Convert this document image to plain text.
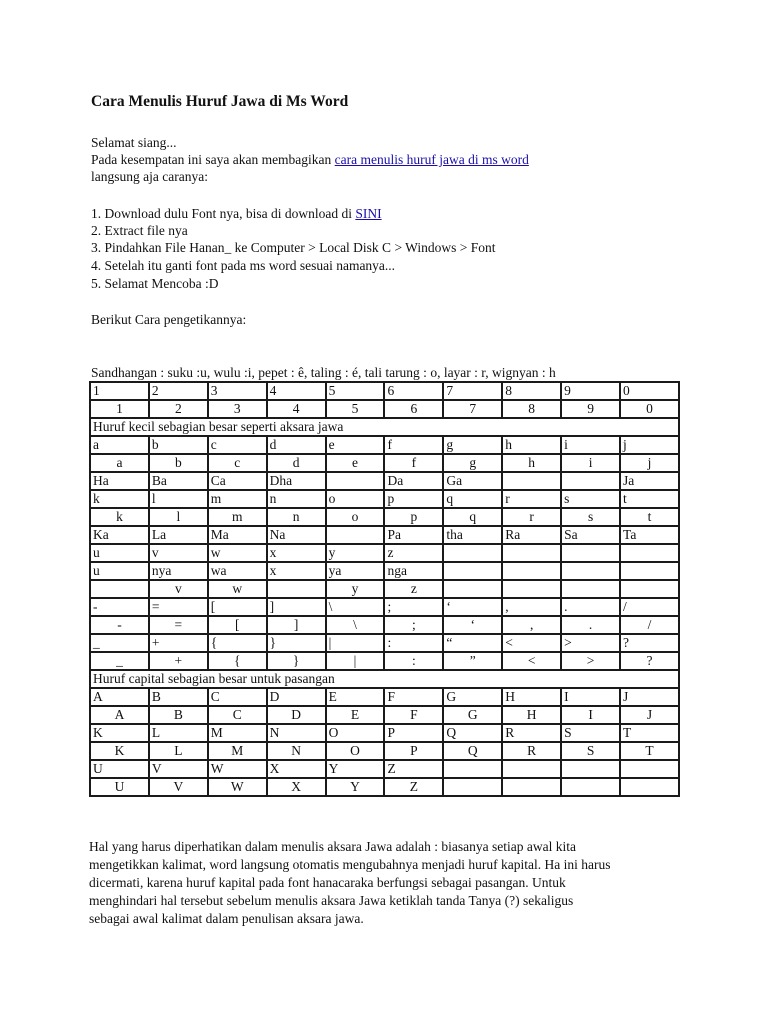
Cara Menulis Huruf Jawa di Ms Word
Selamat siang...
Pada kesempatan ini saya akan membagikan cara menulis huruf jawa di ms word
langsung aja caranya:
1. Download dulu Font nya, bisa di download di SINI
2. Extract file nya
3. Pindahkan File Hanan_ ke Computer > Local Disk C > Windows > Font
4. Setelah itu ganti font pada ms word sesuai namanya...
5. Selamat Mencoba :D
Berikut Cara pengetikannya:
Sandhangan : suku :u, wulu :i, pepet : ê, taling : é, tali tarung : o, layar : r, wignyan : h
1	2	3	4	5	6	7	8	9	0
1	2	3	4	5	6	7	8	9	0
Huruf kecil sebagian besar seperti aksara jawa									
a	b	c	d	e	f	g	h	i	j
a	b	c	d	e	f	g	h	i	j
Ha	Ba	Ca	Dha		Da	Ga			Ja
k	l	m	n	o	p	q	r	s	t
k	l	m	n	o	p	q	r	s	t
Ka	La	Ma	Na		Pa	tha	Ra	Sa	Ta
u	v	w	x	y	z				
u	nya	wa	x	ya	nga				
	v	w		y	z				
-	=	[	]	\	;	‘	,	.	/
-	=	[	]	\	;	‘	,	.	/
_	+	{	}	|	:	“	<	>	?
_	+	{	}	|	:	”	<	>	?
Huruf capital sebagian besar untuk pasangan									
A	B	C	D	E	F	G	H	I	J
A	B	C	D	E	F	G	H	I	J
K	L	M	N	O	P	Q	R	S	T
K	L	M	N	O	P	Q	R	S	T
U	V	W	X	Y	Z				
U	V	W	X	Y	Z				
Hal yang harus diperhatikan dalam menulis aksara Jawa adalah : biasanya setiap awal kita
mengetikkan kalimat, word langsung otomatis mengubahnya menjadi huruf kapital. Ha ini harus
dicermati, karena huruf kapital pada font hanacaraka berfungsi sebagai pasangan. Untuk
menghindari hal tersebut sebelum menulis aksara Jawa ketiklah tanda Tanya (?) sekaligus
sebagai awal kalimat dalam penulisan aksara jawa.
